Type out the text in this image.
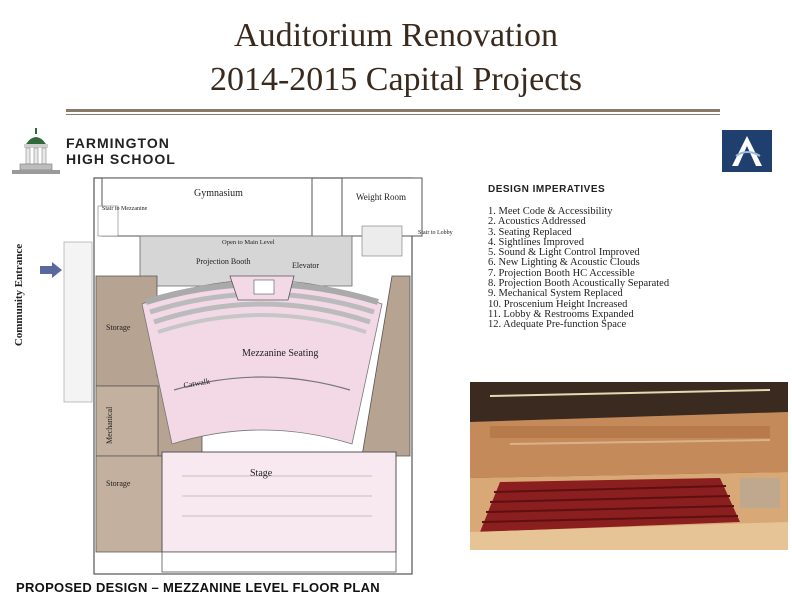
Auditorium Renovation
2014-2015 Capital Projects
FARMINGTON
HIGH SCHOOL
Community Entrance
Gymnasium	Weight Room
Stair to Mezzanine
Stair to Lobby
Open to Main Level
Projection Booth	Elevator
Storage
Mezzanine Seating
Catwalk
Mechanical
Storage
Stage
DESIGN IMPERATIVES
1. Meet Code & Accessibility
2. Acoustics Addressed
3. Seating Replaced
4. Sightlines Improved
5. Sound & Light Control Improved
6. New Lighting & Acoustic Clouds
7. Projection Booth HC Accessible
8. Projection Booth Acoustically Separated
9. Mechanical System Replaced
10. Proscenium Height Increased
11. Lobby & Restrooms Expanded
12. Adequate Pre-function Space
PROPOSED DESIGN – MEZZANINE LEVEL FLOOR PLAN
